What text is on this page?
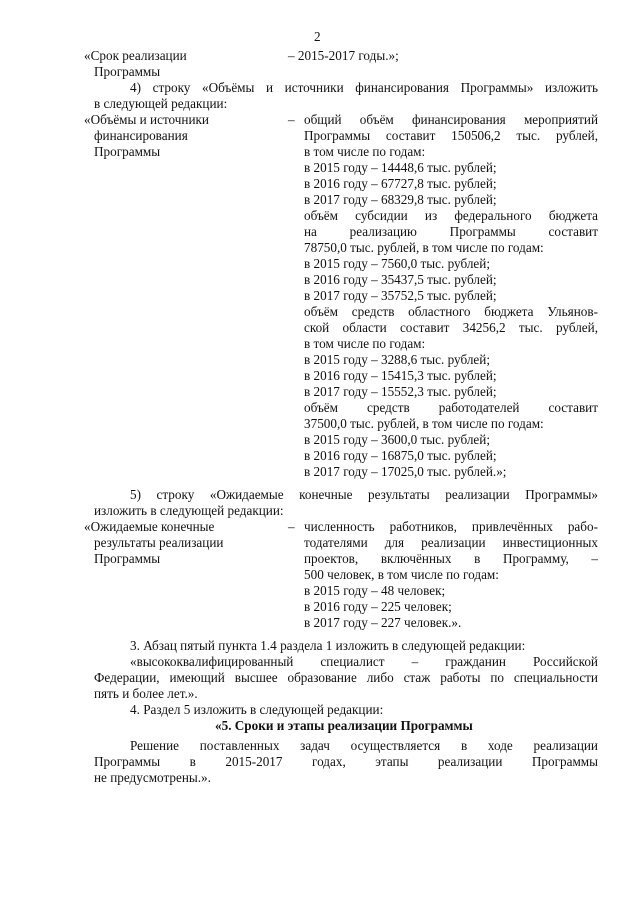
2
«Срок реализации
Программы
– 2015-2017 годы.»;
4) строку «Объёмы и источники финансирования Программы» изложить
в следующей редакции:
«Объёмы и источники
финансирования
Программы
– общий объём финансирования мероприятий
Программы составит 150506,2 тыс. рублей,
в том числе по годам:
в 2015 году – 14448,6 тыс. рублей;
в 2016 году – 67727,8 тыс. рублей;
в 2017 году – 68329,8 тыс. рублей;
объём субсидии из федерального бюджета
на реализацию Программы составит
78750,0 тыс. рублей, в том числе по годам:
в 2015 году – 7560,0 тыс. рублей;
в 2016 году – 35437,5 тыс. рублей;
в 2017 году – 35752,5 тыс. рублей;
объём средств областного бюджета Ульянов-
ской области составит 34256,2 тыс. рублей,
в том числе по годам:
в 2015 году – 3288,6 тыс. рублей;
в 2016 году – 15415,3 тыс. рублей;
в 2017 году – 15552,3 тыс. рублей;
объём средств работодателей составит
37500,0 тыс. рублей, в том числе по годам:
в 2015 году – 3600,0 тыс. рублей;
в 2016 году – 16875,0 тыс. рублей;
в 2017 году – 17025,0 тыс. рублей.»;
5) строку «Ожидаемые конечные результаты реализации Программы»
изложить в следующей редакции:
«Ожидаемые конечные
результаты реализации
Программы
– численность работников, привлечённых рабо-
тодателями для реализации инвестиционных
проектов, включённых в Программу, –
500 человек, в том числе по годам:
в 2015 году – 48 человек;
в 2016 году – 225 человек;
в 2017 году – 227 человек.».
3. Абзац пятый пункта 1.4 раздела 1 изложить в следующей редакции:
«высококвалифицированный специалист – гражданин Российской
Федерации, имеющий высшее образование либо стаж работы по специальности
пять и более лет.».
4. Раздел 5 изложить в следующей редакции:
«5. Сроки и этапы реализации Программы
Решение поставленных задач осуществляется в ходе реализации
Программы в 2015-2017 годах, этапы реализации Программы
не предусмотрены.».
